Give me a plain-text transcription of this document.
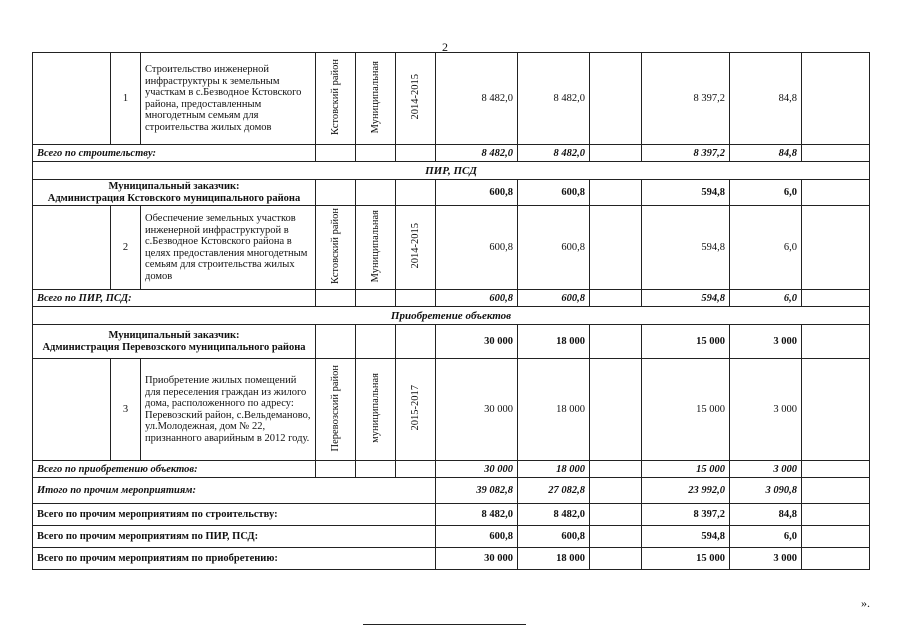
2
	1	Строительство инженерной инфраструктуры к земельным участкам в с.Безводное Кстовского района, предоставленным многодетным семьям для строительства жилых домов	Кстовский район	Муниципальная	2014-2015	8 482,0	8 482,0		8 397,2	84,8	
Всего по строительству:						8 482,0	8 482,0		8 397,2	84,8	
ПИР, ПСД											

Муниципальный заказчик:
Администрация Кстовского муниципального района						600,8	600,8		594,8	6,0	
	2	Обеспечение земельных участков инженерной инфраструктурой в с.Безводное Кстовского района в целях предоставления многодетным семьям для строительства жилых домов	Кстовский район	Муниципальная	2014-2015	600,8	600,8		594,8	6,0	
Всего по ПИР, ПСД:						600,8	600,8		594,8	6,0	
Приобретение объектов											

Муниципальный заказчик:
Администрация Перевозского муниципального района						30 000	18 000		15 000	3 000	
	3	Приобретение жилых помещений для переселения граждан из жилого дома, расположенного по адресу: Перевозский район, с.Вельдеманово, ул.Молодежная, дом № 22, признанного аварийным в 2012 году.	Перевозский район	муниципальная	2015-2017	30 000	18 000		15 000	3 000	
Всего по приобретению объектов:						30 000	18 000		15 000	3 000	
Итого по прочим мероприятиям:						39 082,8	27 082,8		23 992,0	3 090,8	
Всего по прочим мероприятиям по строительству:						8 482,0	8 482,0		8 397,2	84,8	
Всего по прочим мероприятиям по ПИР, ПСД:						600,8	600,8		594,8	6,0	
Всего по прочим мероприятиям по приобретению:						30 000	18 000		15 000	3 000	
».
